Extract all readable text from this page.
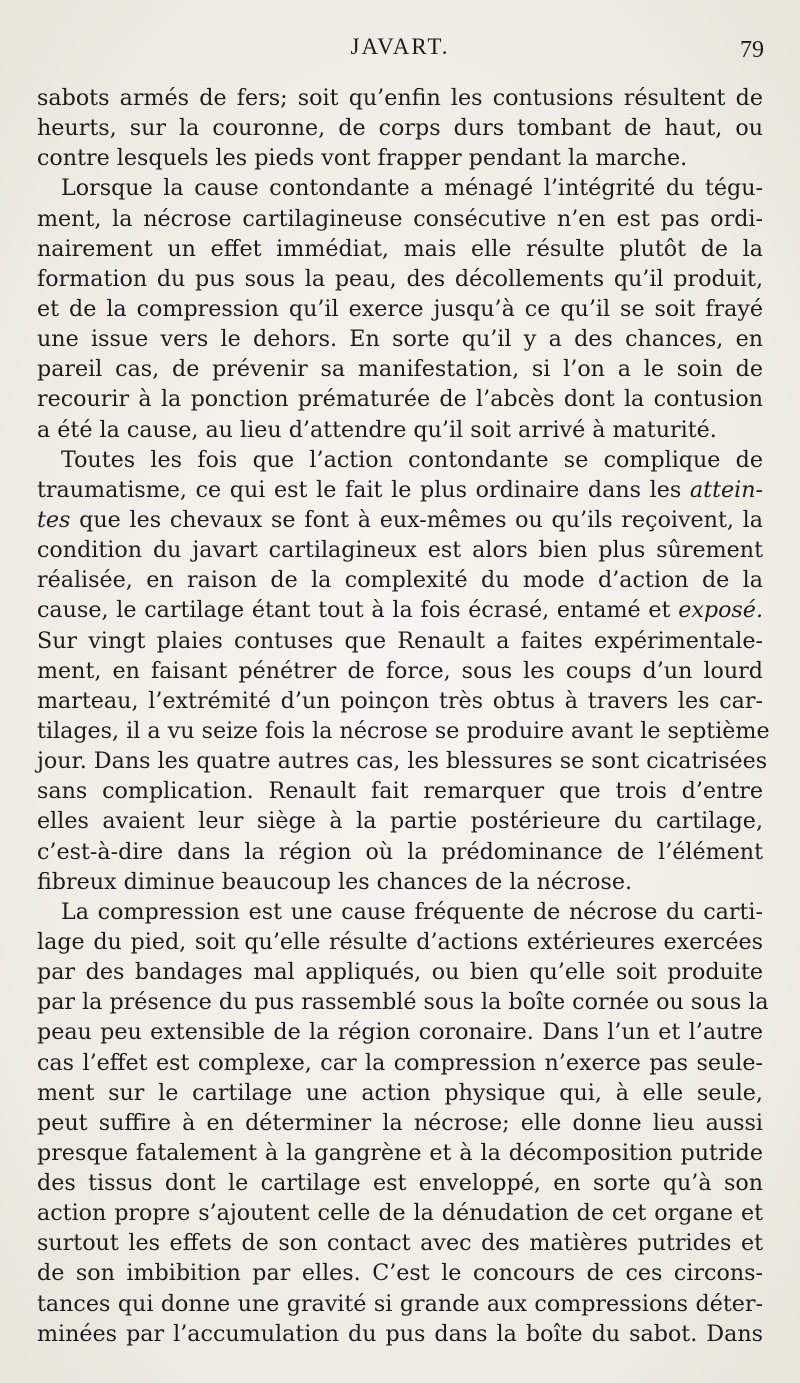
JAVART.	79
sabots armés de fers; soit qu’enfin les contusions résultent de
heurts, sur la couronne, de corps durs tombant de haut, ou
contre lesquels les pieds vont frapper pendant la marche.
Lorsque la cause contondante a ménagé l’intégrité du tégu-
ment, la nécrose cartilagineuse consécutive n’en est pas ordi-
nairement un effet immédiat, mais elle résulte plutôt de la
formation du pus sous la peau, des décollements qu’il produit,
et de la compression qu’il exerce jusqu’à ce qu’il se soit frayé
une issue vers le dehors. En sorte qu’il y a des chances, en
pareil cas, de prévenir sa manifestation, si l’on a le soin de
recourir à la ponction prématurée de l’abcès dont la contusion
a été la cause, au lieu d’attendre qu’il soit arrivé à maturité.
Toutes les fois que l’action contondante se complique de
traumatisme, ce qui est le fait le plus ordinaire dans les attein-
tes que les chevaux se font à eux-mêmes ou qu’ils reçoivent, la
condition du javart cartilagineux est alors bien plus sûrement
réalisée, en raison de la complexité du mode d’action de la
cause, le cartilage étant tout à la fois écrasé, entamé et exposé.
Sur vingt plaies contuses que Renault a faites expérimentale-
ment, en faisant pénétrer de force, sous les coups d’un lourd
marteau, l’extrémité d’un poinçon très obtus à travers les car-
tilages, il a vu seize fois la nécrose se produire avant le septième
jour. Dans les quatre autres cas, les blessures se sont cicatrisées
sans complication. Renault fait remarquer que trois d’entre
elles avaient leur siège à la partie postérieure du cartilage,
c’est-à-dire dans la région où la prédominance de l’élément
fibreux diminue beaucoup les chances de la nécrose.
La compression est une cause fréquente de nécrose du carti-
lage du pied, soit qu’elle résulte d’actions extérieures exercées
par des bandages mal appliqués, ou bien qu’elle soit produite
par la présence du pus rassemblé sous la boîte cornée ou sous la
peau peu extensible de la région coronaire. Dans l’un et l’autre
cas l’effet est complexe, car la compression n’exerce pas seule-
ment sur le cartilage une action physique qui, à elle seule,
peut suffire à en déterminer la nécrose; elle donne lieu aussi
presque fatalement à la gangrène et à la décomposition putride
des tissus dont le cartilage est enveloppé, en sorte qu’à son
action propre s’ajoutent celle de la dénudation de cet organe et
surtout les effets de son contact avec des matières putrides et
de son imbibition par elles. C’est le concours de ces circons-
tances qui donne une gravité si grande aux compressions déter-
minées par l’accumulation du pus dans la boîte du sabot. Dans
